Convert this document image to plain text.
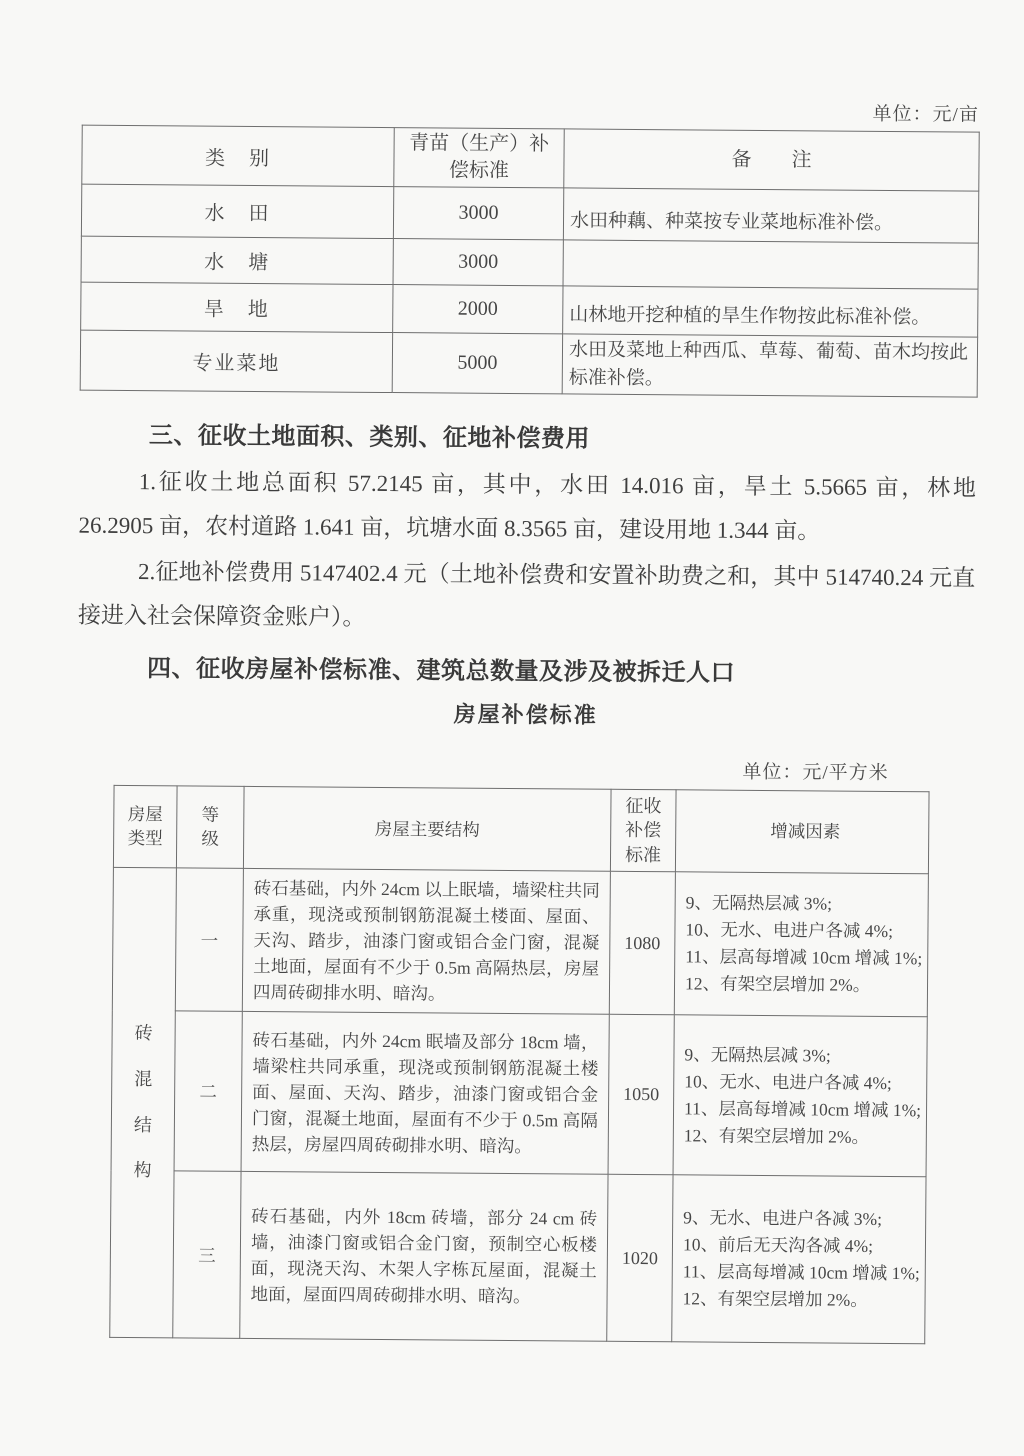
单位：元/亩
类　别	青苗（生产）补偿标准	备　　注
水　田	3000	水田种藕、种菜按专业菜地标准补偿。
水　塘	3000	
旱　地	2000	山林地开挖种植的旱生作物按此标准补偿。
专业菜地	5000	水田及菜地上种西瓜、草莓、葡萄、苗木均按此标准补偿。
三、征收土地面积、类别、征地补偿费用

1.征收土地总面积 57.2145 亩，其中，水田 14.016 亩，旱土 5.5665 亩，林地 26.2905 亩，农村道路 1.641 亩，坑塘水面 8.3565 亩，建设用地 1.344 亩。

2.征地补偿费用 5147402.4 元（土地补偿费和安置补助费之和，其中 514740.24 元直接进入社会保障资金账户）。

四、征收房屋补偿标准、建筑总数量及涉及被拆迁人口
房屋补偿标准
单位：元/平方米
房屋类型	等级	房屋主要结构	征收补偿标准	增减因素

砖混结构	一	砖石基础，内外 24cm 以上眠墙，墙梁柱共同承重，现浇或预制钢筋混凝土楼面、屋面、天沟、踏步，油漆门窗或铝合金门窗，混凝土地面，屋面有不少于 0.5m 高隔热层，房屋四周砖砌排水明、暗沟。	1080	9、无隔热层减 3%;
10、无水、电进户各减 4%;
11、层高每增减 10cm 增减 1%;
12、有架空层增加 2%。
	二	砖石基础，内外 24cm 眠墙及部分 18cm 墙，墙梁柱共同承重，现浇或预制钢筋混凝土楼面、屋面、天沟、踏步，油漆门窗或铝合金门窗，混凝土地面，屋面有不少于 0.5m 高隔热层，房屋四周砖砌排水明、暗沟。	1050	9、无隔热层减 3%;
10、无水、电进户各减 4%;
11、层高每增减 10cm 增减 1%;
12、有架空层增加 2%。
	三	砖石基础，内外 18cm 砖墙，部分 24 cm 砖墙，油漆门窗或铝合金门窗，预制空心板楼面，现浇天沟、木架人字栋瓦屋面，混凝土地面，屋面四周砖砌排水明、暗沟。	1020	9、无水、电进户各减 3%;
10、前后无天沟各减 4%;
11、层高每增减 10cm 增减 1%;
12、有架空层增加 2%。
